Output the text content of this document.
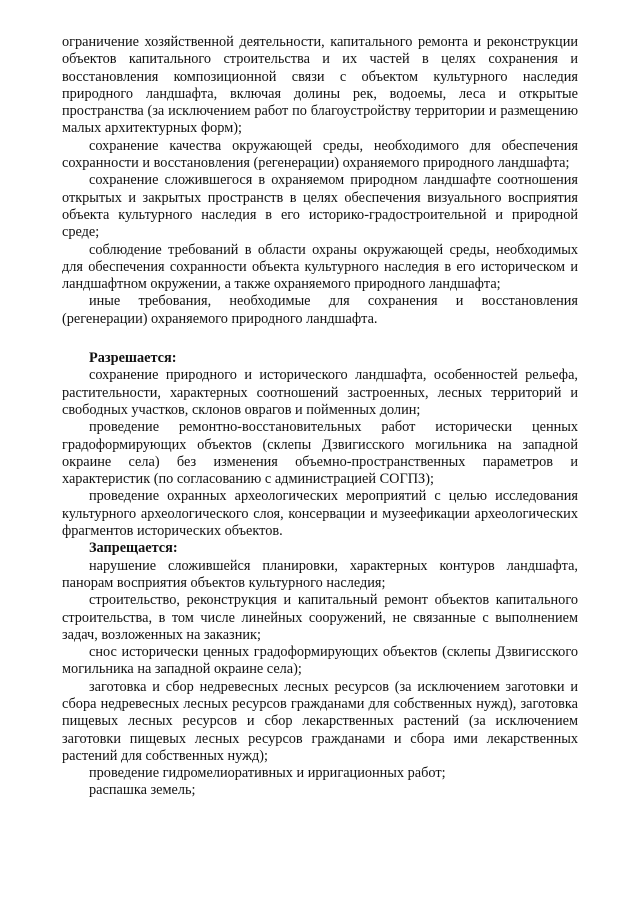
ограничение хозяйственной деятельности, капитального ремонта и реконструкции объектов капитального строительства и их частей в целях сохранения и восстановления композиционной связи с объектом культурного наследия природного ландшафта, включая долины рек, водоемы, леса и открытые пространства (за исключением работ по благоустройству территории и размещению малых архитектурных форм);

сохранение качества окружающей среды, необходимого для обеспечения сохранности и восстановления (регенерации) охраняемого природного ландшафта;

сохранение сложившегося в охраняемом природном ландшафте соотношения открытых и закрытых пространств в целях обеспечения визуального восприятия объекта культурного наследия в его историко-градостроительной и природной среде;

соблюдение требований в области охраны окружающей среды, необходимых для обеспечения сохранности объекта культурного наследия в его историческом и ландшафтном окружении, а также охраняемого природного ландшафта;

иные требования, необходимые для сохранения и восстановления (регенерации) охраняемого природного ландшафта.

Разрешается:

сохранение природного и исторического ландшафта, особенностей рельефа, растительности, характерных соотношений застроенных, лесных территорий и свободных участков, склонов оврагов и пойменных долин;

проведение ремонтно-восстановительных работ исторически ценных градоформирующих объектов (склепы Дзвигисского могильника на западной окраине села) без изменения объемно-пространственных параметров и характеристик (по согласованию с администрацией СОГПЗ);

проведение охранных археологических мероприятий с целью исследования культурного археологического слоя, консервации и музеефикации археологических фрагментов исторических объектов.

Запрещается:

нарушение сложившейся планировки, характерных контуров ландшафта, панорам восприятия объектов культурного наследия;

строительство, реконструкция и капитальный ремонт объектов капитального строительства, в том числе линейных сооружений, не связанные с выполнением задач, возложенных на заказник;

снос исторически ценных градоформирующих объектов (склепы Дзвигисского могильника на западной окраине села);

заготовка и сбор недревесных лесных ресурсов (за исключением заготовки и сбора недревесных лесных ресурсов гражданами для собственных нужд), заготовка пищевых лесных ресурсов и сбор лекарственных растений (за исключением заготовки пищевых лесных ресурсов гражданами и сбора ими лекарственных растений для собственных нужд);

проведение гидромелиоративных и ирригационных работ;

распашка земель;
